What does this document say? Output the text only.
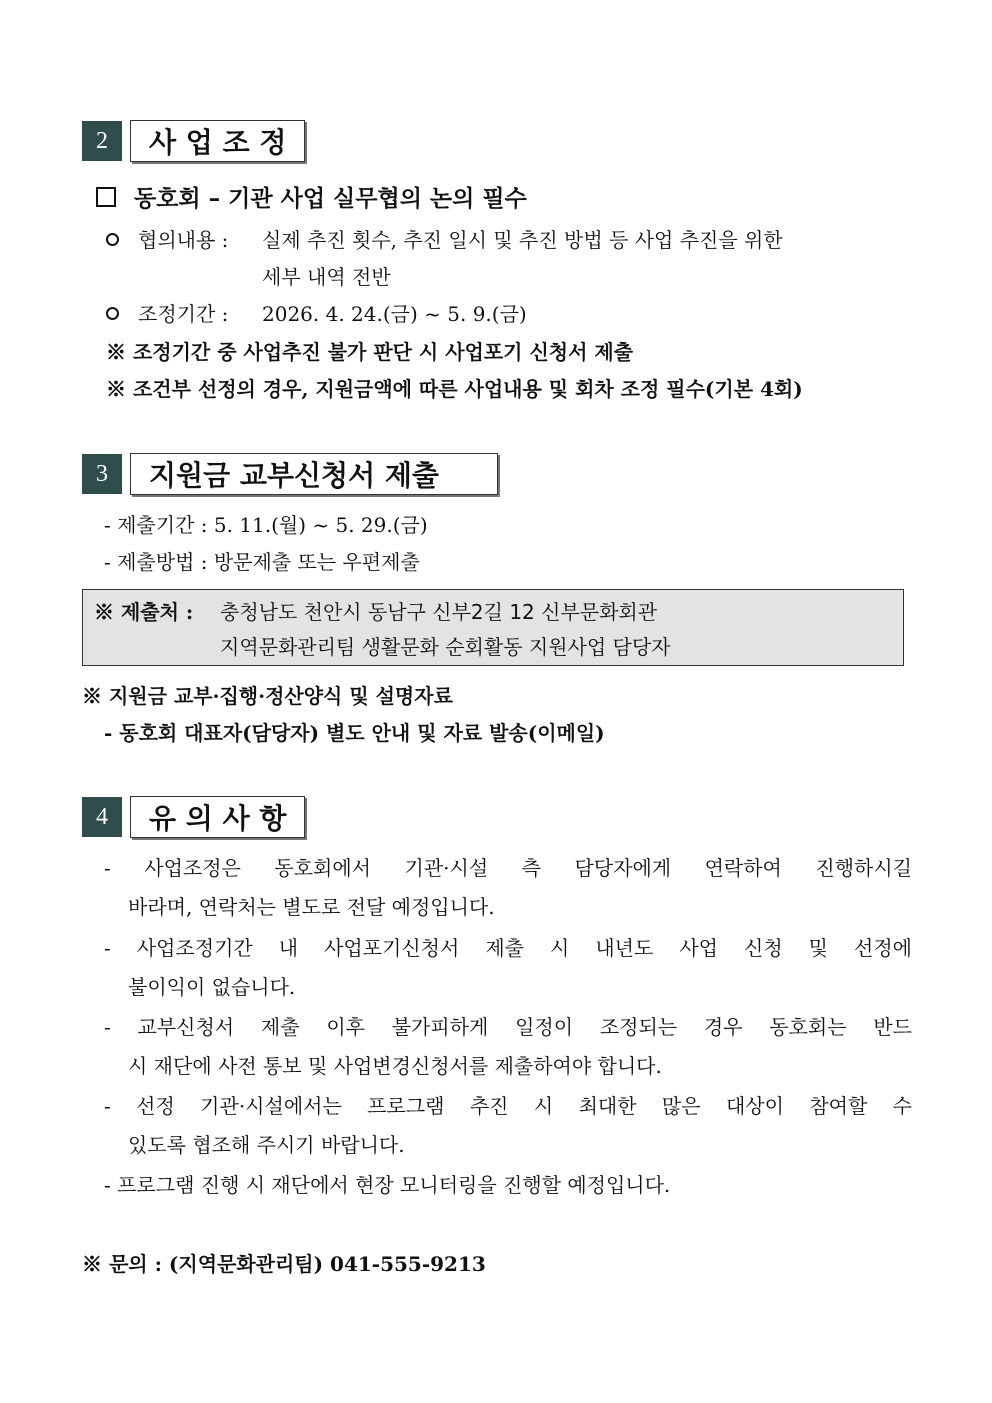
2	사 업 조 정
동호회 – 기관 사업 실무협의 논의 필수
협의내용 : 실제 추진 횟수, 추진 일시 및 추진 방법 등 사업 추진을 위한
세부 내역 전반
조정기간 : 2026. 4. 24.(금) ~ 5. 9.(금)
※ 조정기간 중 사업추진 불가 판단 시 사업포기 신청서 제출
※ 조건부 선정의 경우, 지원금액에 따른 사업내용 및 회차 조정 필수(기본 4회)
3	지원금 교부신청서 제출
- 제출기간 : 5. 11.(월) ~ 5. 29.(금)
- 제출방법 : 방문제출 또는 우편제출
※ 제출처 : 충청남도 천안시 동남구 신부2길 12 신부문화회관
지역문화관리팀 생활문화 순회활동 지원사업 담당자
※ 지원금 교부·집행·정산양식 및 설명자료
- 동호회 대표자(담당자) 별도 안내 및 자료 발송(이메일)
4	유 의 사 항
- 사업조정은 동호회에서 기관·시설 측 담당자에게 연락하여 진행하시길
바라며, 연락처는 별도로 전달 예정입니다.
- 사업조정기간 내 사업포기신청서 제출 시 내년도 사업 신청 및 선정에
불이익이 없습니다.
- 교부신청서 제출 이후 불가피하게 일정이 조정되는 경우 동호회는 반드
시 재단에 사전 통보 및 사업변경신청서를 제출하여야 합니다.
- 선정 기관·시설에서는 프로그램 추진 시 최대한 많은 대상이 참여할 수
있도록 협조해 주시기 바랍니다.
- 프로그램 진행 시 재단에서 현장 모니터링을 진행할 예정입니다.
※ 문의 : (지역문화관리팀) 041-555-9213
